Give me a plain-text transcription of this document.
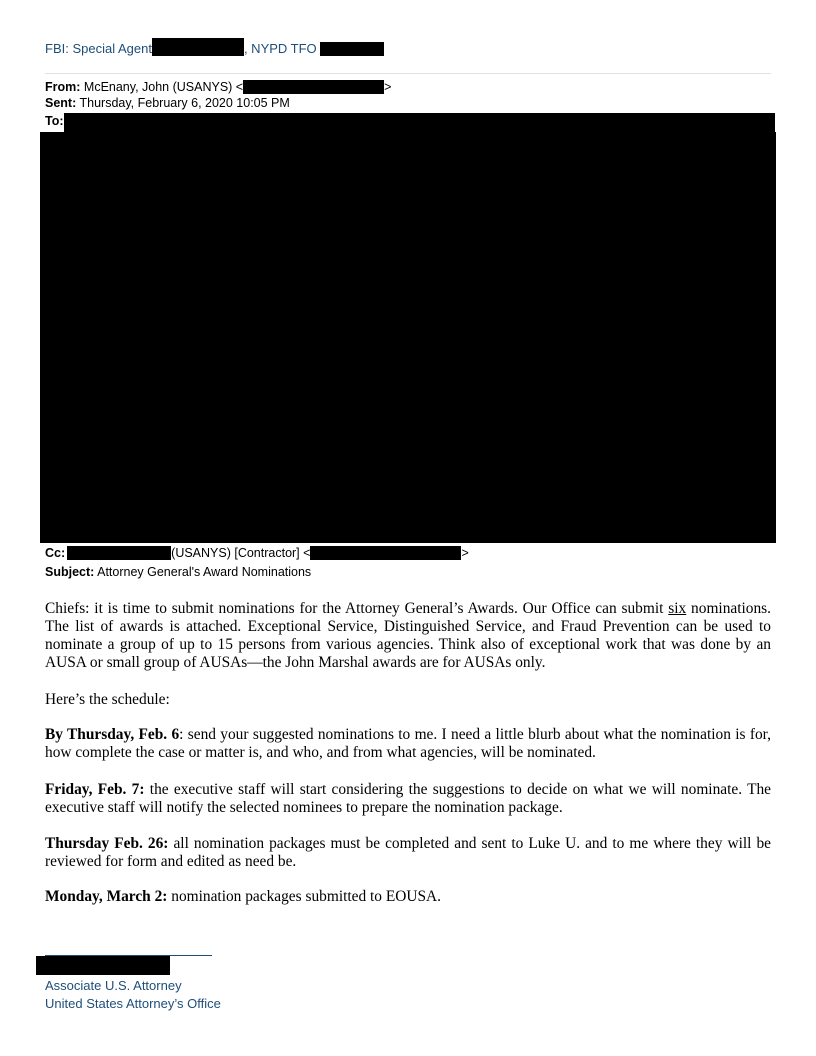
FBI: Special Agent	, NYPD TFO
From: McEnany, John (USANYS) <	>
Sent: Thursday, February 6, 2020 10:05 PM
To:
Cc:	(USANYS) [Contractor] <	>
Subject: Attorney General's Award Nominations
Chiefs: it is time to submit nominations for the Attorney General’s Awards. Our Office can submit six nominations. The list of awards is attached. Exceptional Service, Distinguished Service, and Fraud Prevention can be used to nominate a group of up to 15 persons from various agencies. Think also of exceptional work that was done by an AUSA or small group of AUSAs—the John Marshal awards are for AUSAs only.
Here’s the schedule:
By Thursday, Feb. 6: send your suggested nominations to me. I need a little blurb about what the nomination is for, how complete the case or matter is, and who, and from what agencies, will be nominated.
Friday, Feb. 7: the executive staff will start considering the suggestions to decide on what we will nominate. The executive staff will notify the selected nominees to prepare the nomination package.
Thursday Feb. 26: all nomination packages must be completed and sent to Luke U. and to me where they will be reviewed for form and edited as need be.
Monday, March 2: nomination packages submitted to EOUSA.
Associate U.S. Attorney
United States Attorney’s Office
